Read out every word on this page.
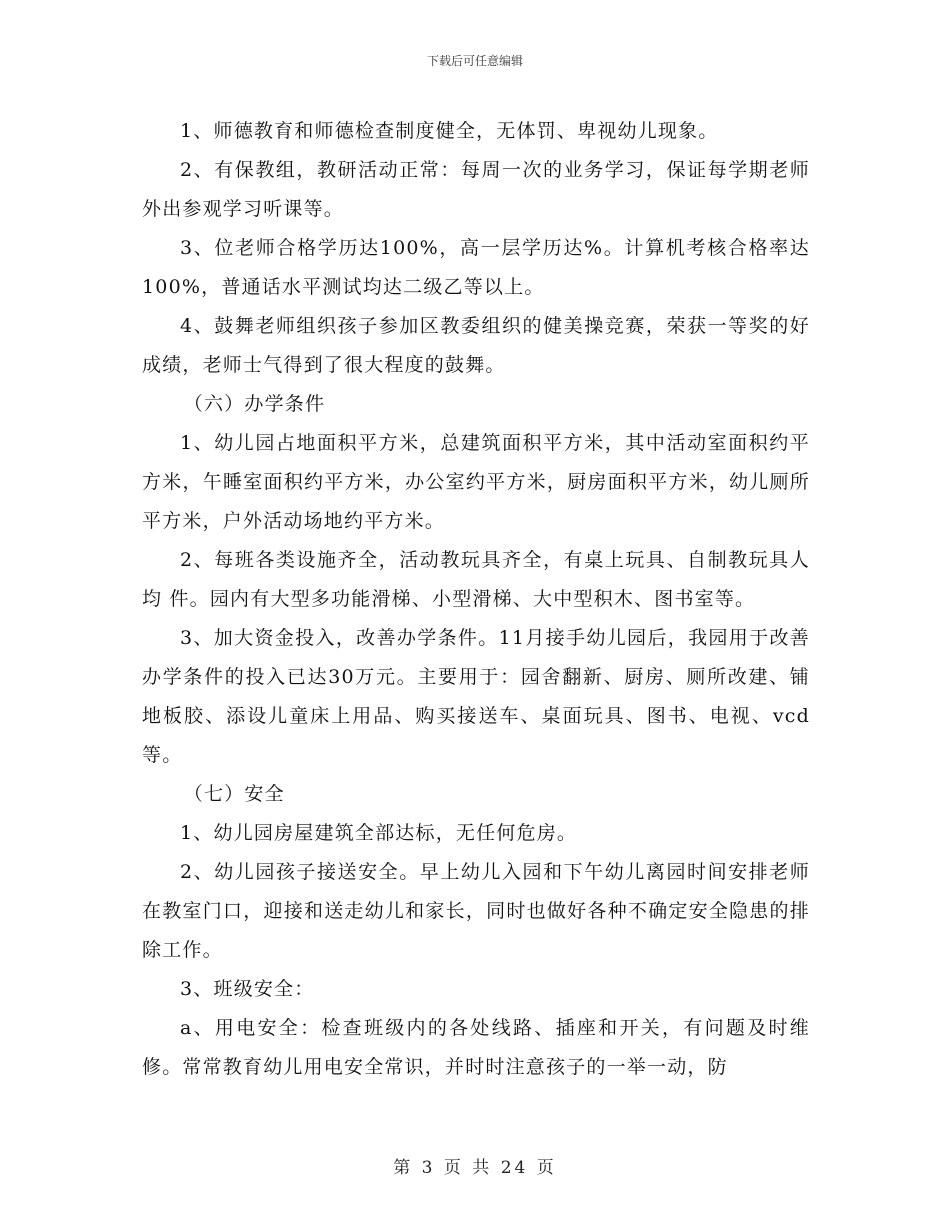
下载后可任意编辑

1、师德教育和师德检查制度健全，无体罚、卑视幼儿现象。

2、有保教组，教研活动正常：每周一次的业务学习，保证每学期老师外出参观学习听课等。

3、位老师合格学历达100%，高一层学历达%。计算机考核合格率达100%，普通话水平测试均达二级乙等以上。

4、鼓舞老师组织孩子参加区教委组织的健美操竞赛，荣获一等奖的好成绩，老师士气得到了很大程度的鼓舞。

（六）办学条件

1、幼儿园占地面积平方米，总建筑面积平方米，其中活动室面积约平方米，午睡室面积约平方米，办公室约平方米，厨房面积平方米，幼儿厕所平方米，户外活动场地约平方米。

2、每班各类设施齐全，活动教玩具齐全，有桌上玩具、自制教玩具人均 件。园内有大型多功能滑梯、小型滑梯、大中型积木、图书室等。

3、加大资金投入，改善办学条件。11月接手幼儿园后，我园用于改善办学条件的投入已达30万元。主要用于：园舍翻新、厨房、厕所改建、铺地板胶、添设儿童床上用品、购买接送车、桌面玩具、图书、电视、vcd等。

（七）安全

1、幼儿园房屋建筑全部达标，无任何危房。

2、幼儿园孩子接送安全。早上幼儿入园和下午幼儿离园时间安排老师在教室门口，迎接和送走幼儿和家长，同时也做好各种不确定安全隐患的排除工作。

3、班级安全：

a、用电安全：检查班级内的各处线路、插座和开关，有问题及时维修。常常教育幼儿用电安全常识，并时时注意孩子的一举一动，防

第 3 页 共 24 页
